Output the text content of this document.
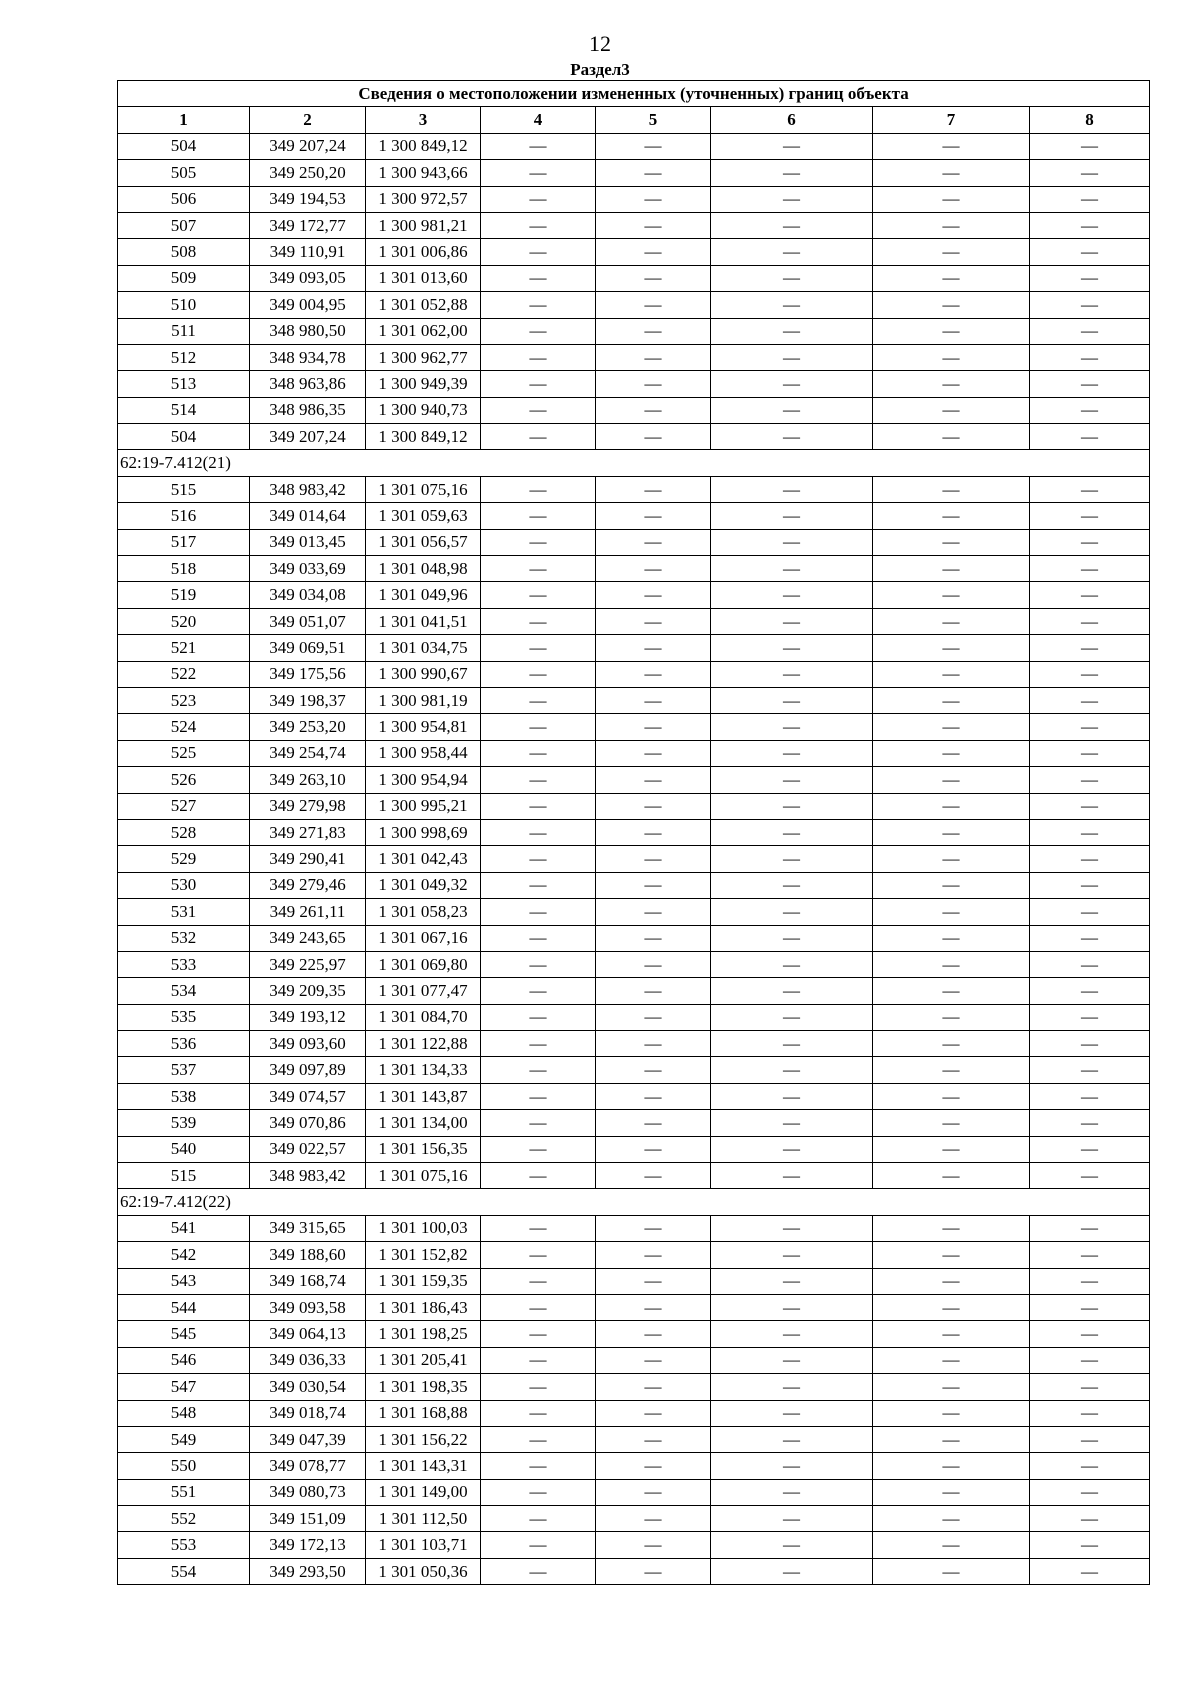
12
Раздел3
Сведения о местоположении измененных (уточненных) границ объекта							
1	2	3	4	5	6	7	8
504	349 207,24	1 300 849,12	—	—	—	—	—
505	349 250,20	1 300 943,66	—	—	—	—	—
506	349 194,53	1 300 972,57	—	—	—	—	—
507	349 172,77	1 300 981,21	—	—	—	—	—
508	349 110,91	1 301 006,86	—	—	—	—	—
509	349 093,05	1 301 013,60	—	—	—	—	—
510	349 004,95	1 301 052,88	—	—	—	—	—
511	348 980,50	1 301 062,00	—	—	—	—	—
512	348 934,78	1 300 962,77	—	—	—	—	—
513	348 963,86	1 300 949,39	—	—	—	—	—
514	348 986,35	1 300 940,73	—	—	—	—	—
504	349 207,24	1 300 849,12	—	—	—	—	—
62:19-7.412(21)							
515	348 983,42	1 301 075,16	—	—	—	—	—
516	349 014,64	1 301 059,63	—	—	—	—	—
517	349 013,45	1 301 056,57	—	—	—	—	—
518	349 033,69	1 301 048,98	—	—	—	—	—
519	349 034,08	1 301 049,96	—	—	—	—	—
520	349 051,07	1 301 041,51	—	—	—	—	—
521	349 069,51	1 301 034,75	—	—	—	—	—
522	349 175,56	1 300 990,67	—	—	—	—	—
523	349 198,37	1 300 981,19	—	—	—	—	—
524	349 253,20	1 300 954,81	—	—	—	—	—
525	349 254,74	1 300 958,44	—	—	—	—	—
526	349 263,10	1 300 954,94	—	—	—	—	—
527	349 279,98	1 300 995,21	—	—	—	—	—
528	349 271,83	1 300 998,69	—	—	—	—	—
529	349 290,41	1 301 042,43	—	—	—	—	—
530	349 279,46	1 301 049,32	—	—	—	—	—
531	349 261,11	1 301 058,23	—	—	—	—	—
532	349 243,65	1 301 067,16	—	—	—	—	—
533	349 225,97	1 301 069,80	—	—	—	—	—
534	349 209,35	1 301 077,47	—	—	—	—	—
535	349 193,12	1 301 084,70	—	—	—	—	—
536	349 093,60	1 301 122,88	—	—	—	—	—
537	349 097,89	1 301 134,33	—	—	—	—	—
538	349 074,57	1 301 143,87	—	—	—	—	—
539	349 070,86	1 301 134,00	—	—	—	—	—
540	349 022,57	1 301 156,35	—	—	—	—	—
515	348 983,42	1 301 075,16	—	—	—	—	—
62:19-7.412(22)							
541	349 315,65	1 301 100,03	—	—	—	—	—
542	349 188,60	1 301 152,82	—	—	—	—	—
543	349 168,74	1 301 159,35	—	—	—	—	—
544	349 093,58	1 301 186,43	—	—	—	—	—
545	349 064,13	1 301 198,25	—	—	—	—	—
546	349 036,33	1 301 205,41	—	—	—	—	—
547	349 030,54	1 301 198,35	—	—	—	—	—
548	349 018,74	1 301 168,88	—	—	—	—	—
549	349 047,39	1 301 156,22	—	—	—	—	—
550	349 078,77	1 301 143,31	—	—	—	—	—
551	349 080,73	1 301 149,00	—	—	—	—	—
552	349 151,09	1 301 112,50	—	—	—	—	—
553	349 172,13	1 301 103,71	—	—	—	—	—
554	349 293,50	1 301 050,36	—	—	—	—	—
